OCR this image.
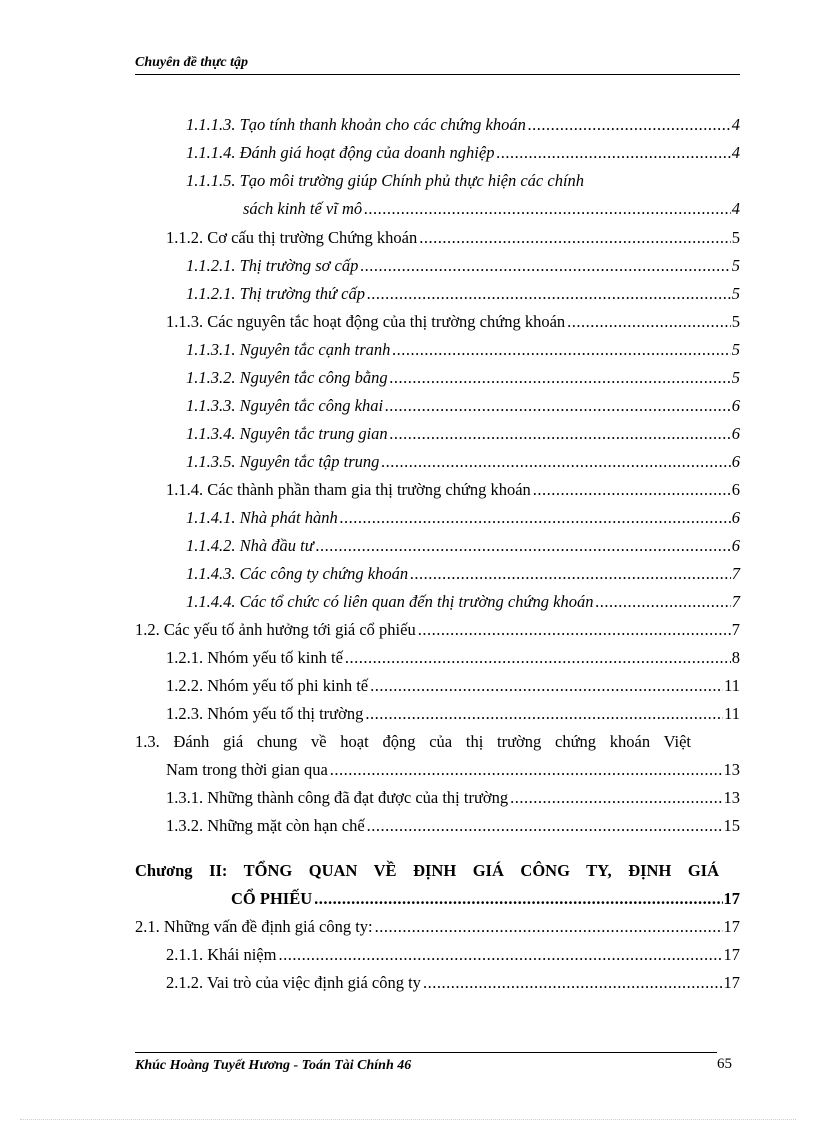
Chuyên đề thực tập
1.1.1.3. Tạo tính thanh khoản cho các chứng khoán .....	4
1.1.1.4. Đánh giá hoạt động của doanh nghiệp .....	4
1.1.1.5. Tạo môi trường giúp Chính phủ thực hiện các chính
sách kinh tế vĩ mô .....	4
1.1.2. Cơ cấu thị trường Chứng khoán .....	5
1.1.2.1. Thị trường sơ cấp .....	5
1.1.2.1. Thị trường thứ cấp .....	5
1.1.3. Các nguyên tắc hoạt động của thị trường chứng khoán .....	5
1.1.3.1. Nguyên tắc cạnh tranh .....	5
1.1.3.2. Nguyên tắc công bằng .....	5
1.1.3.3. Nguyên tắc công khai .....	6
1.1.3.4. Nguyên tắc trung gian .....	6
1.1.3.5. Nguyên tắc tập trung .....	6
1.1.4. Các thành phần tham gia thị trường chứng khoán .....	6
1.1.4.1. Nhà phát hành .....	6
1.1.4.2. Nhà đầu tư .....	6
1.1.4.3. Các công ty chứng khoán .....	7
1.1.4.4. Các tổ chức có liên quan đến thị trường chứng khoán .....	7
1.2. Các yếu tố ảnh hưởng tới giá cổ phiếu .....	7
1.2.1. Nhóm yếu tố kinh tế .....	8
1.2.2. Nhóm yếu tố phi kinh tế .....	11
1.2.3. Nhóm yếu tố thị trường .....	11
1.3. Đánh giá chung về hoạt động của thị trường chứng khoán Việt
Nam trong thời gian qua .....	13
1.3.1. Những thành công đã đạt được của thị trường .....	13
1.3.2. Những mặt còn hạn chế .....	15
Chương II: TỔNG QUAN VỀ ĐỊNH GIÁ CÔNG TY, ĐỊNH GIÁ
CỔ PHIẾU .....	17
2.1. Những vấn đề định giá công ty: .....	17
2.1.1. Khái niệm .....	17
2.1.2. Vai trò của việc định giá công ty .....	17
Khúc Hoàng Tuyết Hương - Toán Tài Chính 46	65
